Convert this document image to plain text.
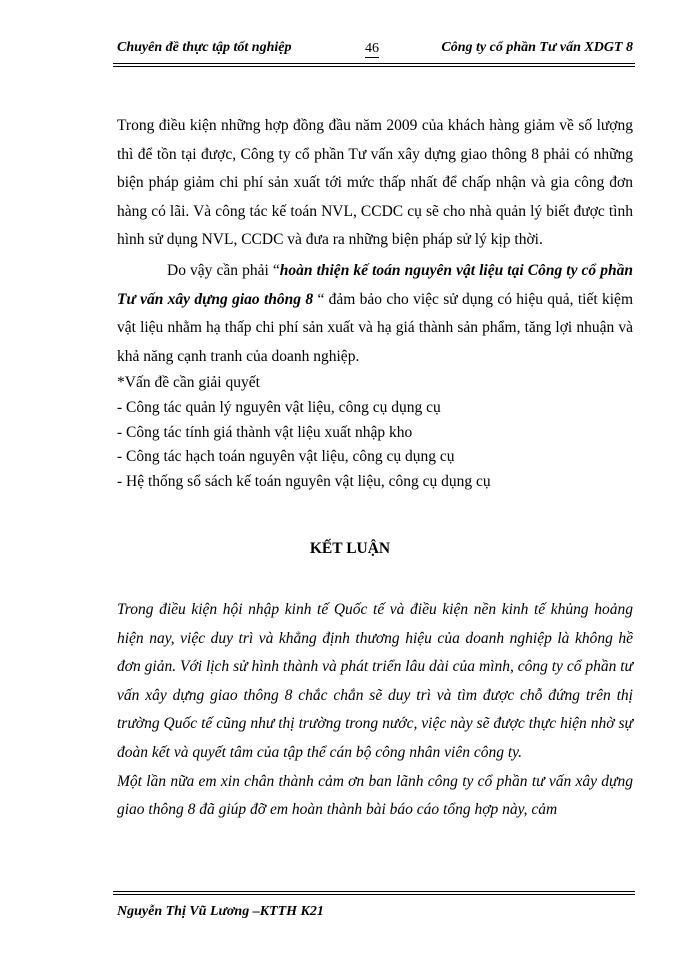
Chuyên đề thực tập tốt nghiệp	46	Công ty cổ phần Tư vấn XDGT 8

Trong điều kiện những hợp đồng đầu năm 2009 của khách hàng giảm về số lượng thì để tồn tại được, Công ty cổ phần Tư vấn xây dựng giao thông 8 phải có những biện pháp giảm chi phí sản xuất tới mức thấp nhất để chấp nhận và gia công đơn hàng có lãi. Và công tác kế toán NVL, CCDC cụ sẽ cho nhà quản lý biết được tình hình sử dụng NVL, CCDC và đưa ra những biện pháp sử lý kịp thời.

Do vậy cần phải “hoàn thiện kế toán nguyên vật liệu tại Công ty cổ phần Tư vấn xây dựng giao thông 8 “ đảm bảo cho việc sử dụng có hiệu quả, tiết kiệm vật liệu nhằm hạ thấp chi phí sản xuất và hạ giá thành sản phẩm, tăng lợi nhuận và khả năng cạnh tranh của doanh nghiệp.

*Vấn đề cần giải quyết

- Công tác quản lý nguyên vật liệu, công cụ dụng cụ

- Công tác tính giá thành vật liệu xuất nhập kho

- Công tác hạch toán nguyên vật liệu, công cụ dụng cụ

- Hệ thống sổ sách kế toán nguyên vật liệu, công cụ dụng cụ

KẾT LUẬN

Trong điều kiện hội nhập kinh tế Quốc tế và điều kiện nền kinh tế khủng hoảng hiện nay, việc duy trì và khẳng định thương hiệu của doanh nghiệp là không hề đơn giản. Với lịch sử hình thành và phát triển lâu dài của mình, công ty cổ phần tư vấn xây dựng giao thông 8 chắc chắn sẽ duy trì và tìm được chỗ đứng trên thị trường Quốc tế cũng như thị trường trong nước, việc này sẽ được thực hiện nhờ sự đoàn kết và quyết tâm của tập thể cán bộ công nhân viên công ty.

Một lần nữa em xin chân thành cảm ơn ban lãnh công ty cổ phần tư vấn xây dựng giao thông 8 đã giúp đỡ em hoàn thành bài báo cáo tổng hợp này, cảm

Nguyễn Thị Vũ Lương –KTTH K21
